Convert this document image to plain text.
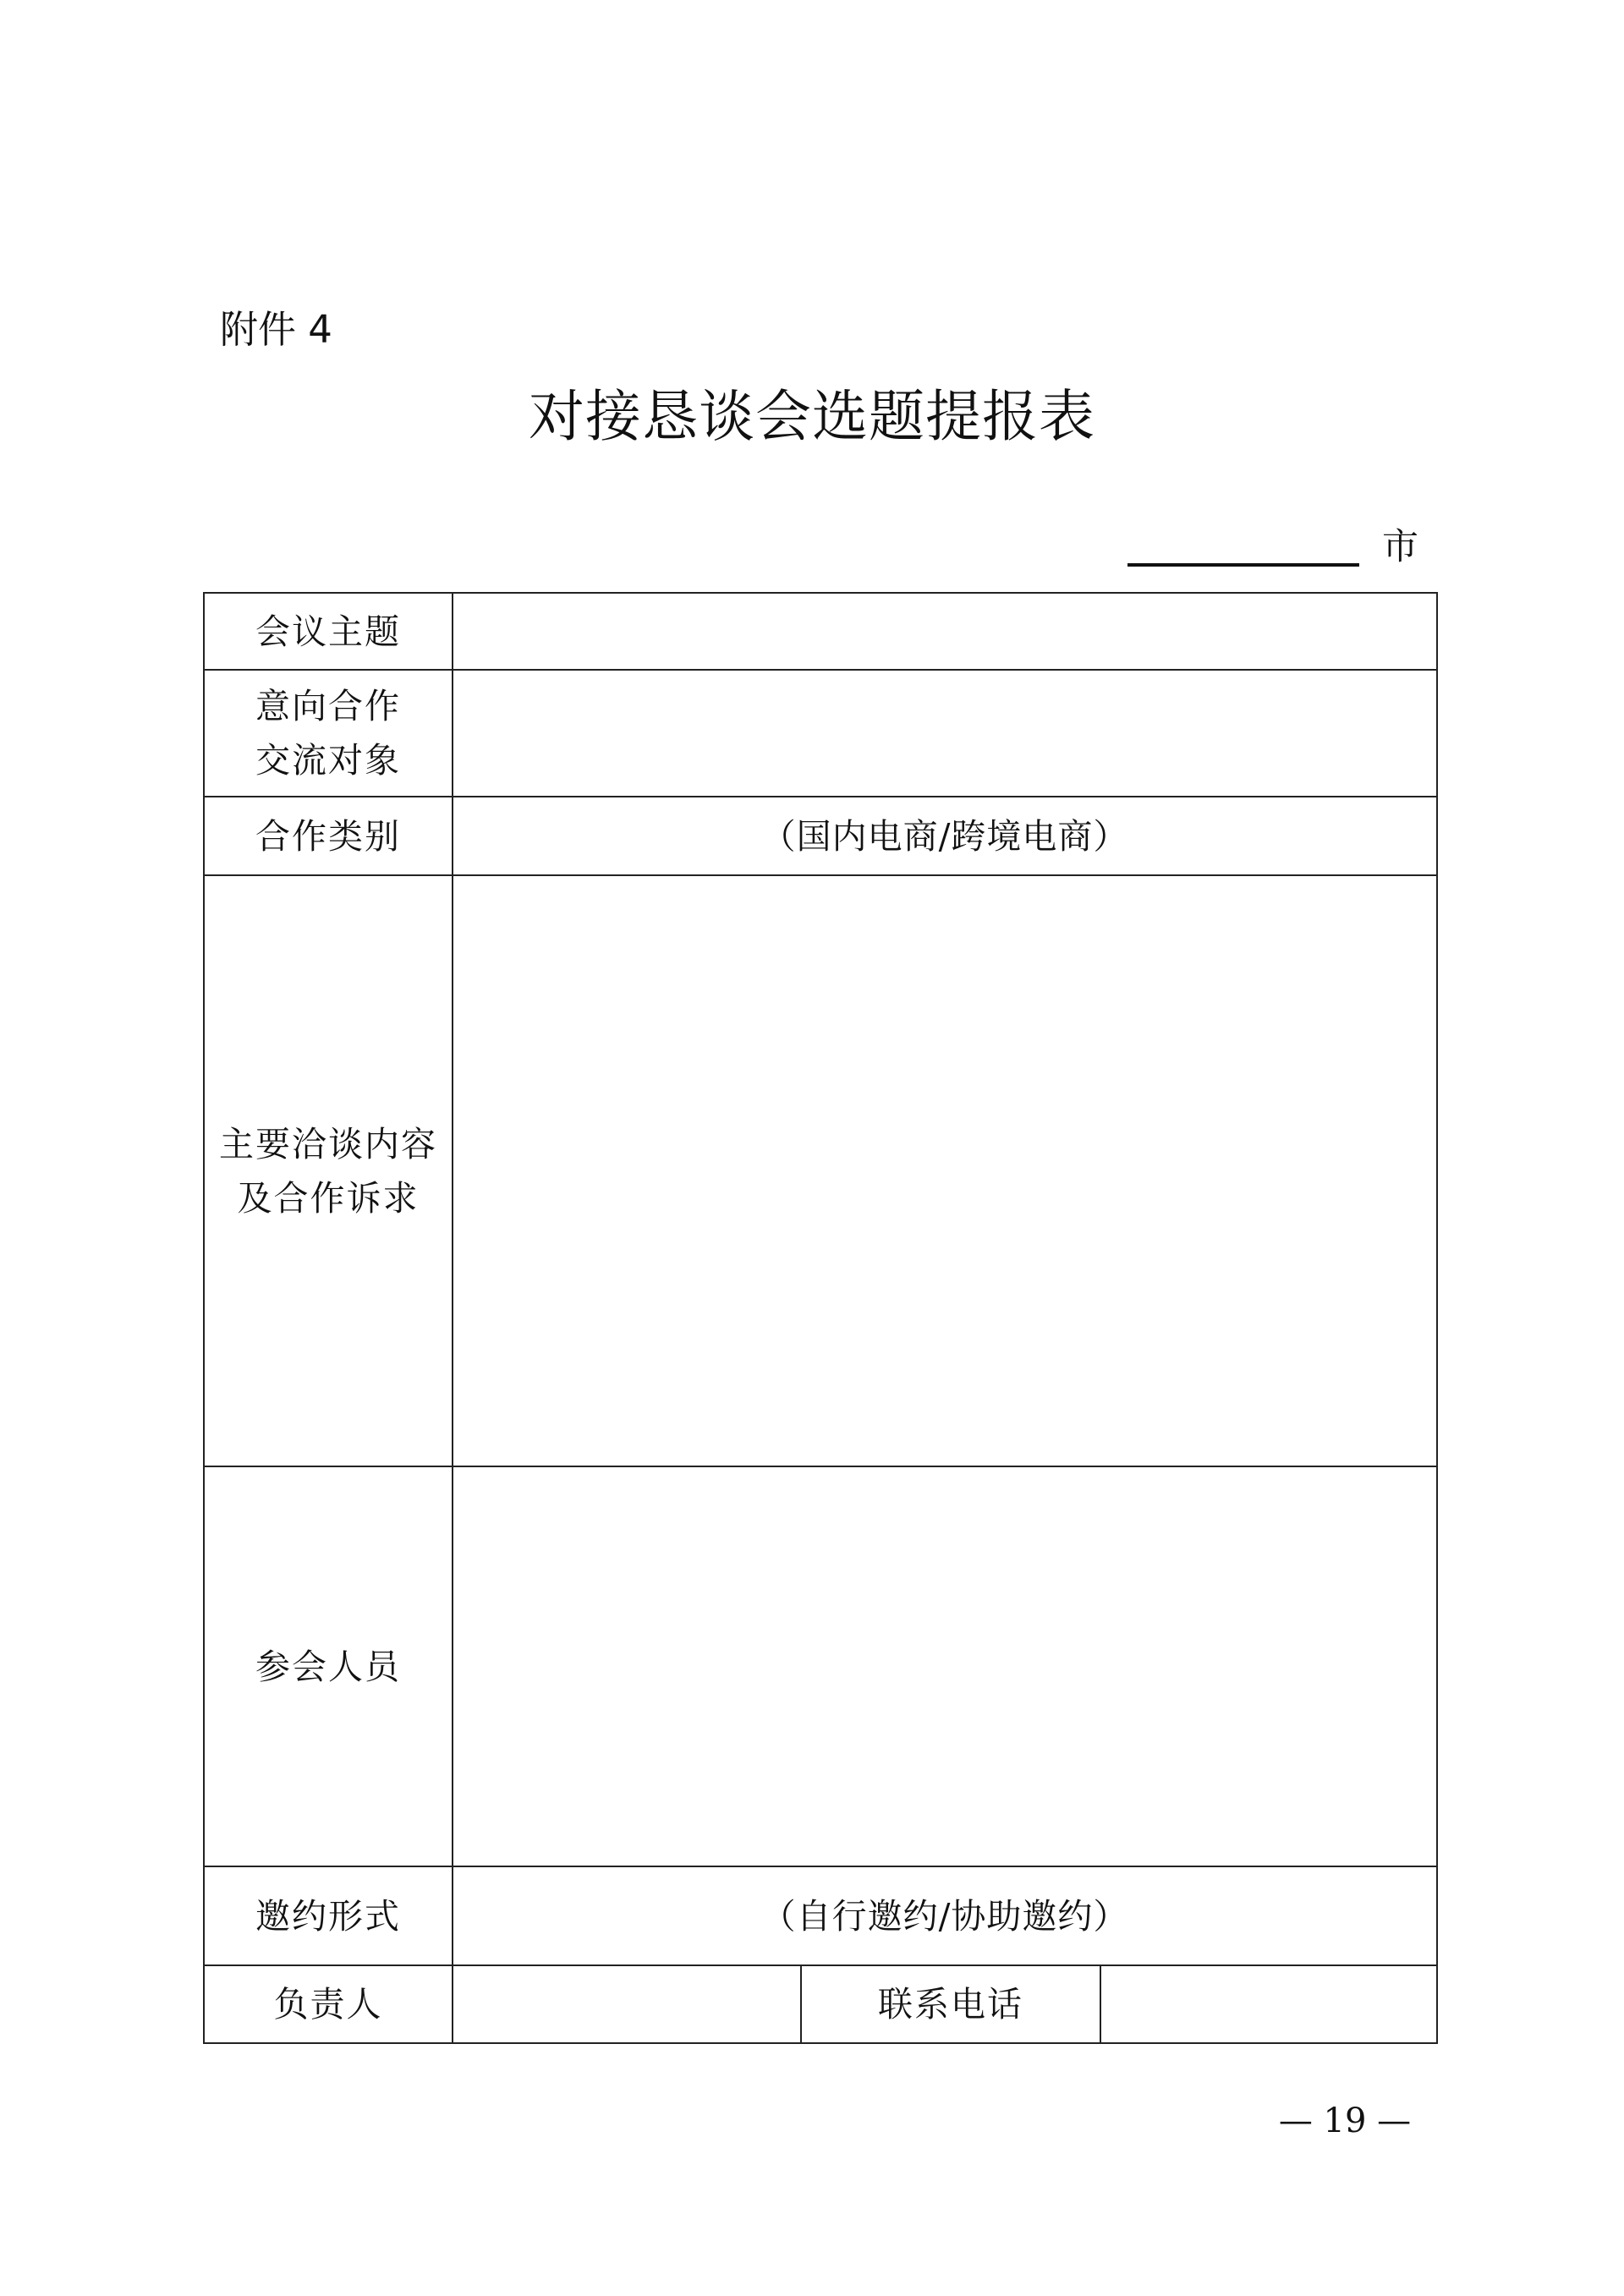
附件 4
对接恳谈会选题提报表
市
会议主题			

意向合作
交流对象			

合作类别	（国内电商/跨境电商）		

主要洽谈内容
及合作诉求			

参会人员			
邀约形式	（自行邀约/协助邀约）		
负责人		联系电话	
— 19 —
